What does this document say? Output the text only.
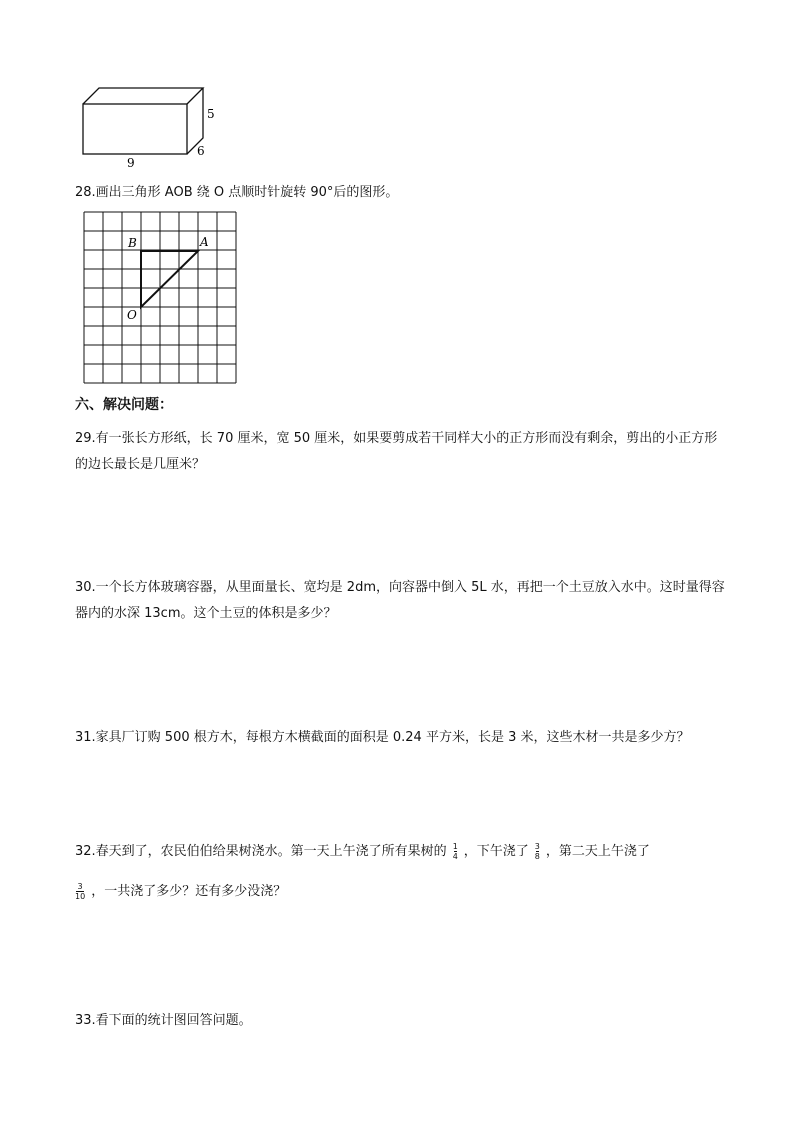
5
6
9
28.画出三角形 AOB 绕 O 点顺时针旋转 90°后的图形。
B	A
O
六、解决问题：
29.有一张长方形纸，长 70 厘米，宽 50 厘米，如果要剪成若干同样大小的正方形而没有剩余，剪出的小正方形的边长最长是几厘米？
30.一个长方体玻璃容器，从里面量长、宽均是 2dm，向容器中倒入 5L 水，再把一个土豆放入水中。这时量得容器内的水深 13cm。这个土豆的体积是多少？
31.家具厂订购 500 根方木，每根方木横截面的面积是 0.24 平方米，长是 3 米，这些木材一共是多少方？
32.春天到了，农民伯伯给果树浇水。第一天上午浇了所有果树的 $\frac{1}{4}$ ，下午浇了 $\frac{3}{8}$ ，第二天上午浇了

$\frac{3}{10}$ ，一共浇了多少？还有多少没浇？
33.看下面的统计图回答问题。
